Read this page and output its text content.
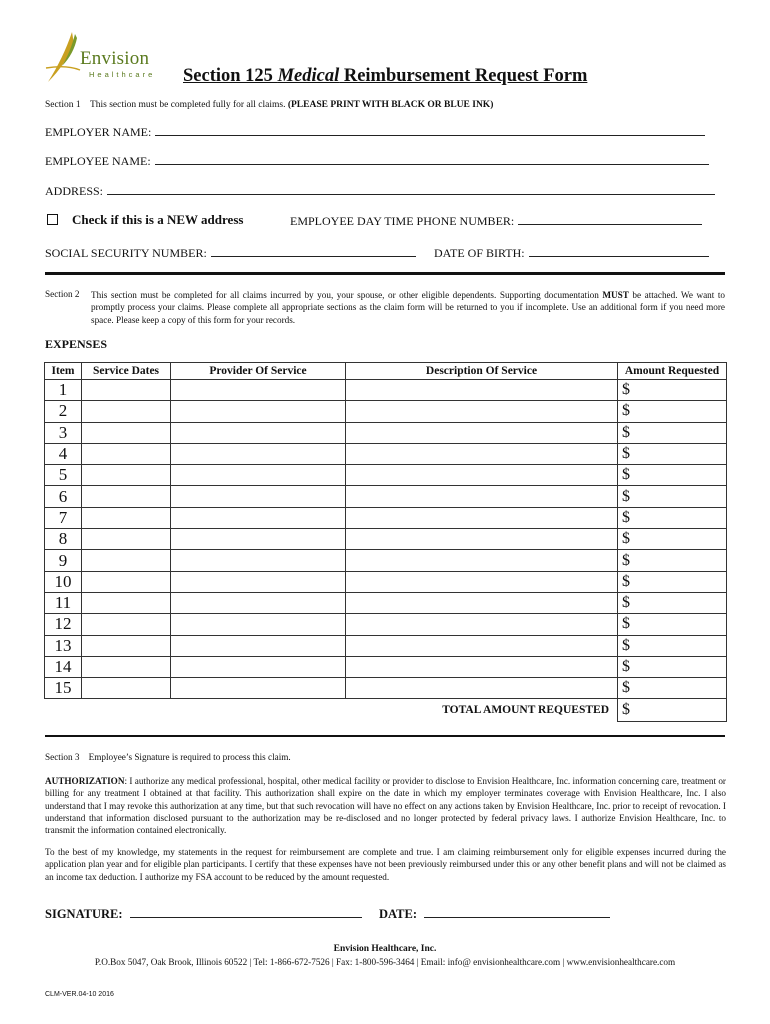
Envision
Healthcare Section 125 Medical Reimbursement Request Form
Section 1 This section must be completed fully for all claims. (PLEASE PRINT WITH BLACK OR BLUE INK)
EMPLOYER NAME:
EMPLOYEE NAME:
ADDRESS:
Check if this is a NEW address	EMPLOYEE DAY TIME PHONE NUMBER:
SOCIAL SECURITY NUMBER:	DATE OF BIRTH:
Section 2	This section must be completed for all claims incurred by you, your spouse, or other eligible dependents. Supporting documentation MUST be attached. We want to promptly process your claims. Please complete all appropriate sections as the claim form will be returned to you if incomplete. Use an additional form if you need more space. Please keep a copy of this form for your records.
EXPENSES
Item	Service Dates	Provider Of Service	Description Of Service	Amount Requested
1				$
2				$
3				$
4				$
5				$
6				$
7				$
8				$
9				$
10				$
11				$
12				$
13				$
14				$
15				$
TOTAL AMOUNT REQUESTED				$
Section 3 Employee’s Signature is required to process this claim.
AUTHORIZATION: I authorize any medical professional, hospital, other medical facility or provider to disclose to Envision Healthcare, Inc. information concerning care, treatment or billing for any treatment I obtained at that facility. This authorization shall expire on the date in which my employer terminates coverage with Envision Healthcare, Inc. I also understand that I may revoke this authorization at any time, but that such revocation will have no effect on any actions taken by Envision Healthcare, Inc. prior to receipt of revocation. I understand that information disclosed pursuant to the authorization may be re-disclosed and no longer protected by federal privacy laws. I authorize Envision Healthcare, Inc. to transmit the information contained electronically.
To the best of my knowledge, my statements in the request for reimbursement are complete and true. I am claiming reimbursement only for eligible expenses incurred during the application plan year and for eligible plan participants. I certify that these expenses have not been previously reimbursed under this or any other benefit plans and will not be claimed as an income tax deduction. I authorize my FSA account to be reduced by the amount requested.
SIGNATURE:	DATE:
Envision Healthcare, Inc.
P.O.Box 5047, Oak Brook, Illinois 60522 | Tel: 1-866-672-7526 | Fax: 1-800-596-3464 | Email: info@ envisionhealthcare.com | www.envisionhealthcare.com
CLM-VER.04-10 2016
